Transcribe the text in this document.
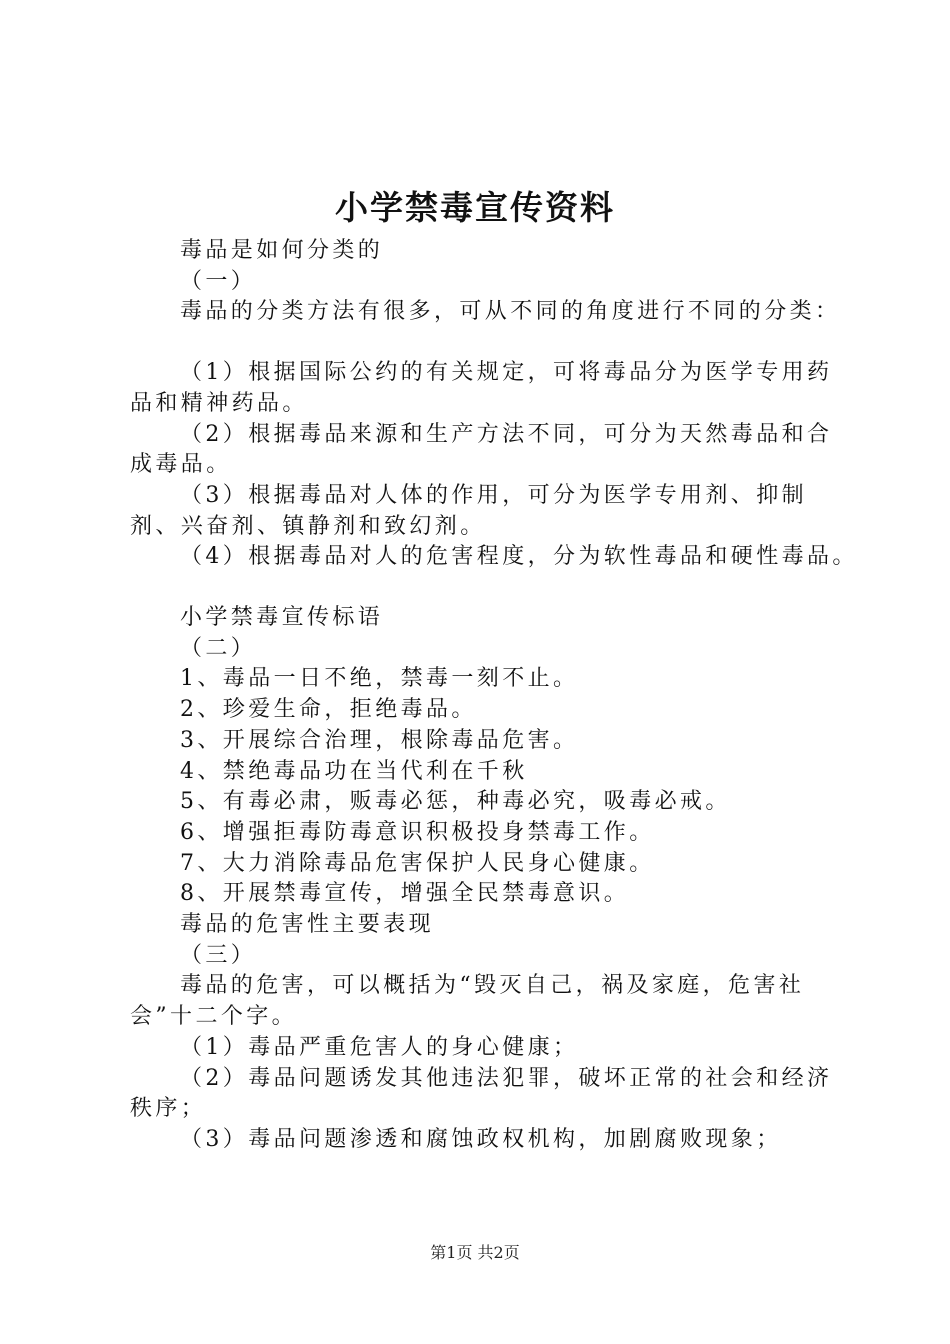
小学禁毒宣传资料

毒品是如何分类的

（一）

毒品的分类方法有很多，可从不同的角度进行不同的分类：

（1）根据国际公约的有关规定，可将毒品分为医学专用药品和精神药品。

（2）根据毒品来源和生产方法不同，可分为天然毒品和合成毒品。

（3）根据毒品对人体的作用，可分为医学专用剂、抑制剂、兴奋剂、镇静剂和致幻剂。

（4）根据毒品对人的危害程度，分为软性毒品和硬性毒品。

小学禁毒宣传标语

（二）

1、毒品一日不绝，禁毒一刻不止。

2、珍爱生命，拒绝毒品。

3、开展综合治理，根除毒品危害。

4、禁绝毒品功在当代利在千秋

5、有毒必肃，贩毒必惩，种毒必究，吸毒必戒。

6、增强拒毒防毒意识积极投身禁毒工作。

7、大力消除毒品危害保护人民身心健康。

8、开展禁毒宣传，增强全民禁毒意识。

毒品的危害性主要表现

（三）

毒品的危害，可以概括为“毁灭自己，祸及家庭，危害社会”十二个字。

（1）毒品严重危害人的身心健康；

（2）毒品问题诱发其他违法犯罪，破坏正常的社会和经济秩序；

（3）毒品问题渗透和腐蚀政权机构，加剧腐败现象；

第1页 共2页
